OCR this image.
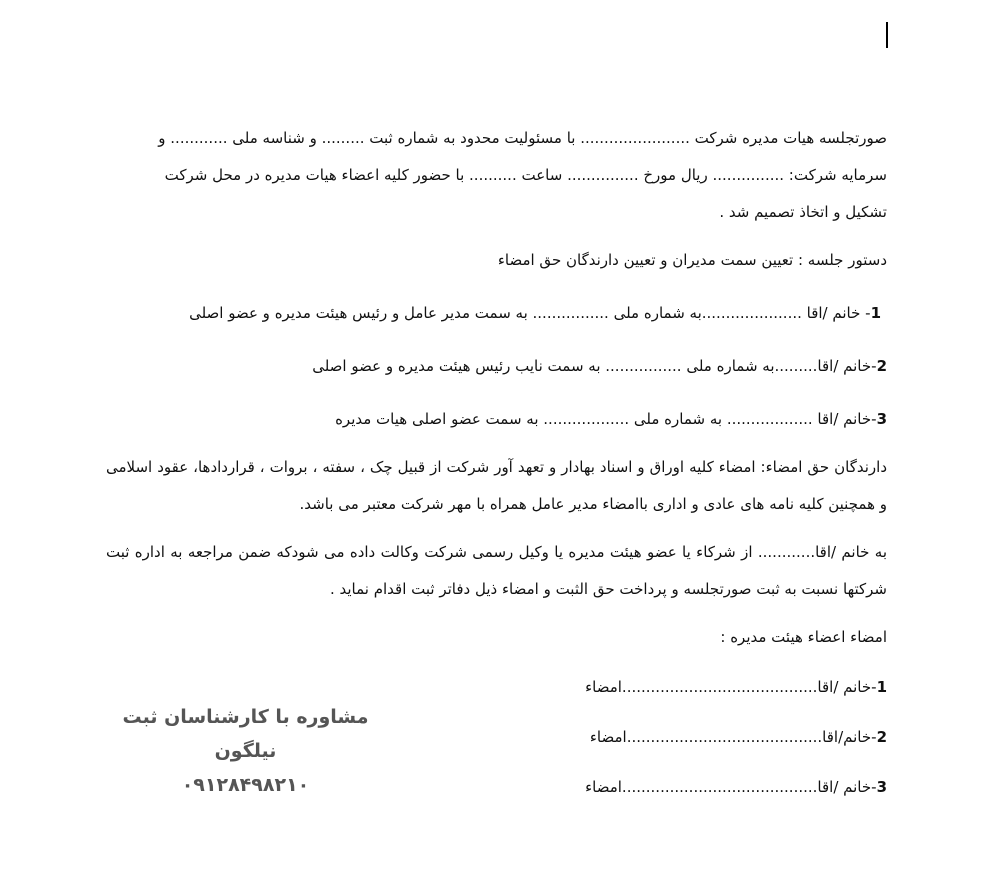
صورتجلسه هیات مدیره شرکت ....................... با مسئولیت محدود به شماره ثبت ......... و شناسه ملی ............ و

سرمایه شرکت: ............... ریال مورخ ............... ساعت .......... با حضور کلیه اعضاء هیات مدیره در محل شرکت

تشکیل و اتخاذ تصمیم شد .

دستور جلسه : تعیین سمت مدیران و تعیین دارندگان حق امضاء

1- خانم /اقا .....................به شماره ملی ................ به سمت مدیر عامل و رئیس هیئت مدیره و عضو اصلی

2-خانم /اقا.........به شماره ملی ................ به سمت نایب رئیس هیئت مدیره و عضو اصلی

3-خانم /اقا .................. به شماره ملی .................. به سمت عضو اصلی هیات مدیره

دارندگان حق امضاء: امضاء کلیه اوراق و اسناد بهادار و تعهد آور شرکت از قبیل چک ، سفته ، بروات ، قراردادها، عقود اسلامی و همچنین کلیه نامه های عادی و اداری باامضاء مدیر عامل همراه با مهر شرکت معتبر می باشد.

به خانم /اقا............ از شرکاء یا عضو هیئت مدیره یا وکیل رسمی شرکت وکالت داده می شودکه ضمن مراجعه به اداره ثبت شرکتها نسبت به ثبت صورتجلسه و پرداخت حق الثبت و امضاء ذیل دفاتر ثبت اقدام نماید .

امضاء اعضاء هیئت مدیره :

1-خانم /اقا.........................................امضاء

2-خانم/اقا.........................................امضاء

3-خانم /اقا.........................................امضاء

مشاوره با کارشناسان ثبت نیلگون
۰۹۱۲۸۴۹۸۲۱۰
